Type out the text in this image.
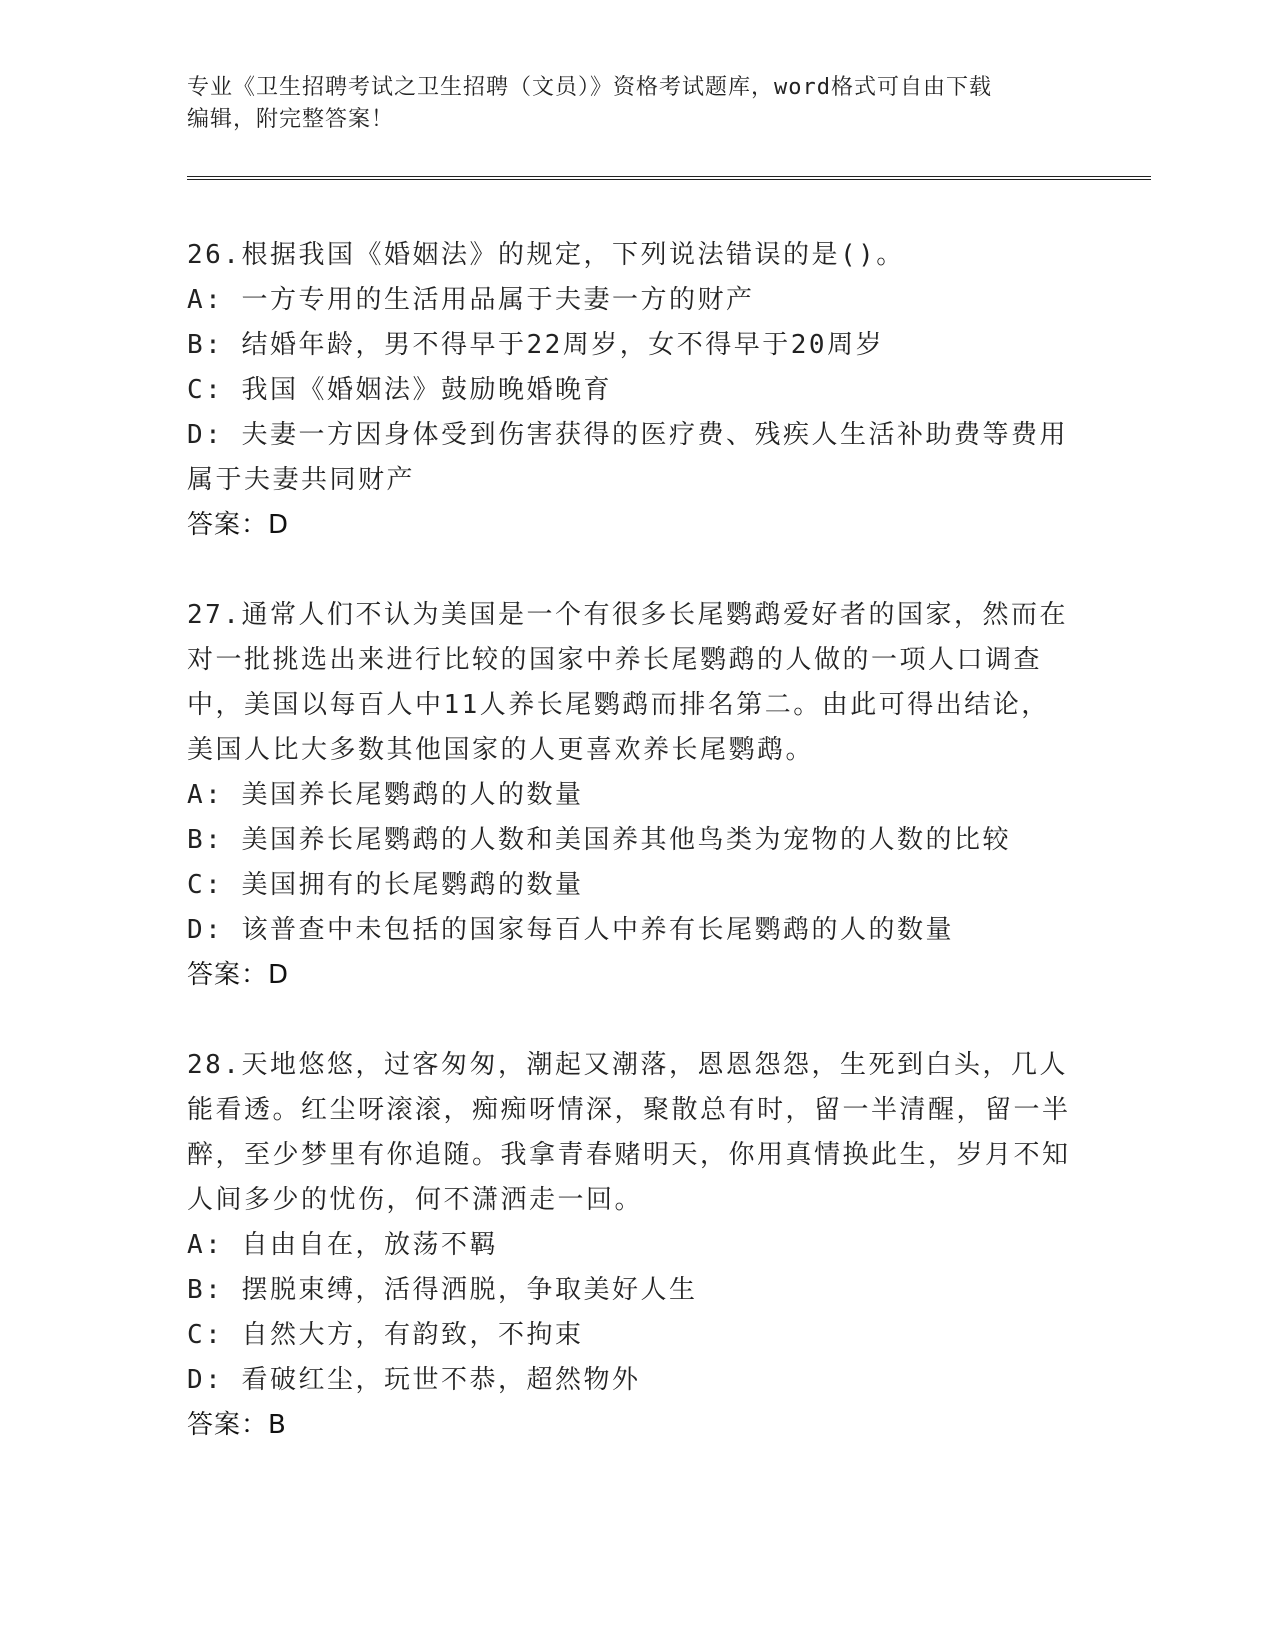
专业《卫生招聘考试之卫生招聘（文员）》资格考试题库，word格式可自由下载
编辑，附完整答案！

26.根据我国《婚姻法》的规定，下列说法错误的是()。

A: 一方专用的生活用品属于夫妻一方的财产

B: 结婚年龄，男不得早于22周岁，女不得早于20周岁

C: 我国《婚姻法》鼓励晚婚晚育

D: 夫妻一方因身体受到伤害获得的医疗费、残疾人生活补助费等费用属于夫妻共同财产

答案：D

27.通常人们不认为美国是一个有很多长尾鹦鹉爱好者的国家，然而在对一批挑选出来进行比较的国家中养长尾鹦鹉的人做的一项人口调查中，美国以每百人中11人养长尾鹦鹉而排名第二。由此可得出结论，美国人比大多数其他国家的人更喜欢养长尾鹦鹉。

A: 美国养长尾鹦鹉的人的数量

B: 美国养长尾鹦鹉的人数和美国养其他鸟类为宠物的人数的比较

C: 美国拥有的长尾鹦鹉的数量

D: 该普查中未包括的国家每百人中养有长尾鹦鹉的人的数量

答案：D

28.天地悠悠，过客匆匆，潮起又潮落，恩恩怨怨，生死到白头，几人能看透。红尘呀滚滚，痴痴呀情深，聚散总有时，留一半清醒，留一半醉，至少梦里有你追随。我拿青春赌明天，你用真情换此生，岁月不知人间多少的忧伤，何不潇洒走一回。

A: 自由自在，放荡不羁

B: 摆脱束缚，活得洒脱，争取美好人生

C: 自然大方，有韵致，不拘束

D: 看破红尘，玩世不恭，超然物外

答案：B
